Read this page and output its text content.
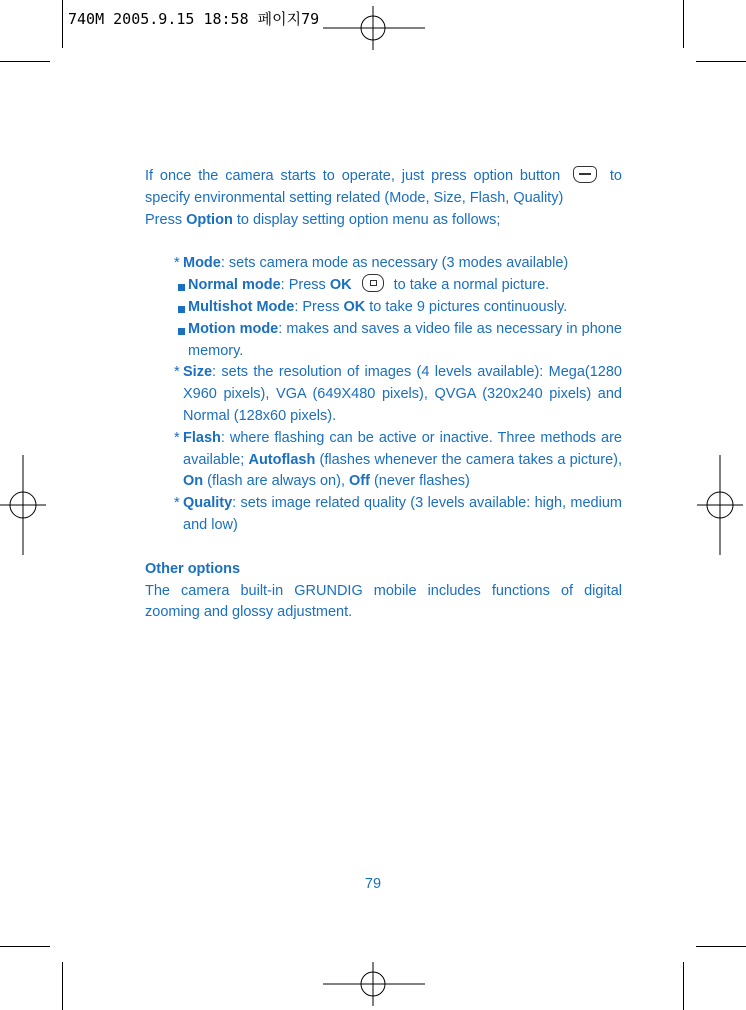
740M 2005.9.15 18:58 페이지79

If once the camera starts to operate, just press option button	to specify environmental setting related (Mode, Size, Flash, Quality)

Press Option to display setting option menu as follows;

* Mode: sets camera mode as necessary (3 modes available)
Normal mode: Press OK	to take a normal picture.
Multishot Mode: Press OK to take 9 pictures continuously.
Motion mode: makes and saves a video file as necessary in phone memory.
* Size: sets the resolution of images (4 levels available): Mega(1280 X960 pixels), VGA (649X480 pixels), QVGA (320x240 pixels) and Normal (128x60 pixels).
* Flash: where flashing can be active or inactive. Three methods are available; Autoflash (flashes whenever the camera takes a picture), On (flash are always on), Off (never flashes)
* Quality: sets image related quality (3 levels available: high, medium and low)

Other options

The camera built-in GRUNDIG mobile includes functions of digital zooming and glossy adjustment.

79
